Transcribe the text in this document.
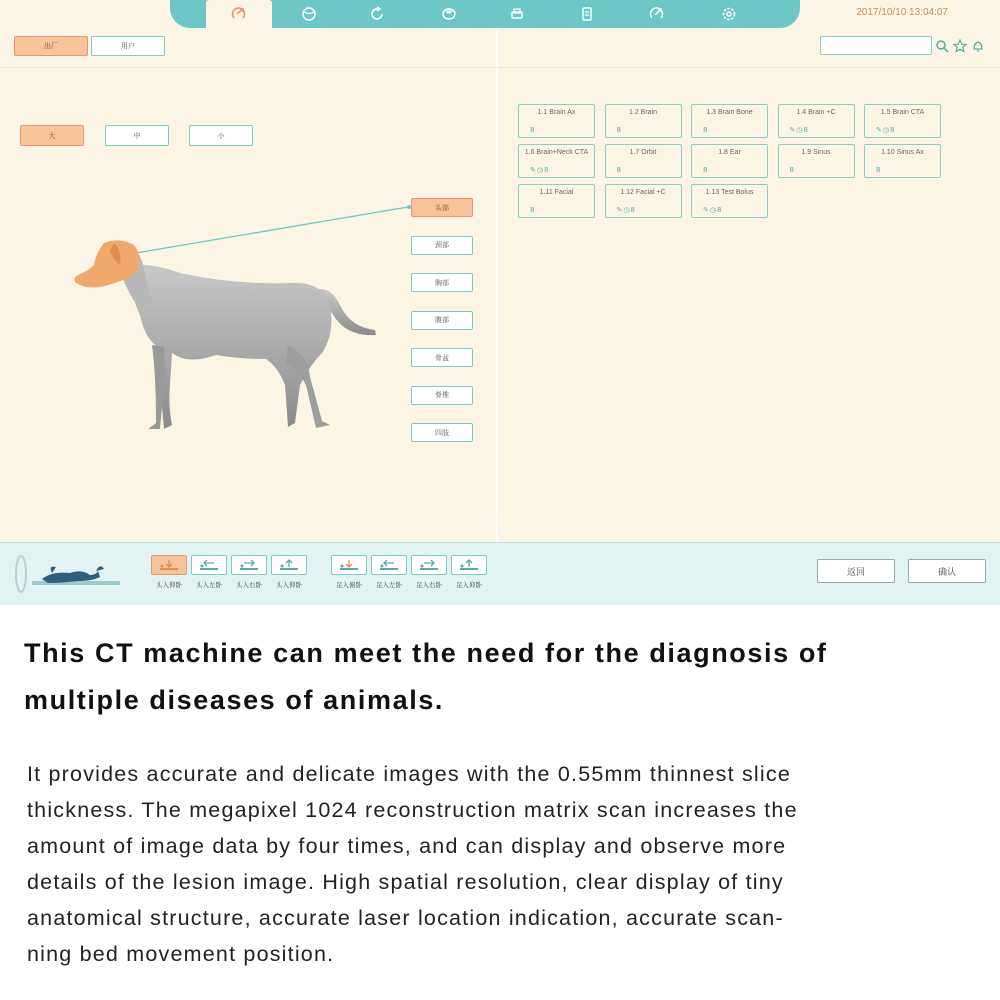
2017/10/10 13:04:07
出厂	用户
大	中	小
头部
颈部
胸部
腹部
骨盆
脊椎
四肢
1.1 Brain Ax
8
1.2 Brain
8
1.3 Brain Bone
8
1.4 Brain +C
✎◷8
1.5 Brain CTA
✎◷8
1.6 Brain+Neck CTA
✎◷8
1.7 Orbit
8
1.8 Ear
8
1.9 Sinus
8
1.10 Sinus Ax
8
1.11 Facial
8
1.12 Facial +C
✎◷8
1.13 Test Bolus
✎◷8
头入仰卧	头入左卧	头入右卧	头入仰卧	足入俯卧	足入左卧	足入右卧	足入仰卧
返回	确认
This CT machine can meet the need for the diagnosis of
multiple diseases of animals.
It provides accurate and delicate images with the 0.55mm thinnest slice
thickness. The megapixel 1024 reconstruction matrix scan increases the
amount of image data by four times, and can display and observe more
details of the lesion image. High spatial resolution, clear display of tiny
anatomical structure, accurate laser location indication, accurate scan-
ning bed movement position.
